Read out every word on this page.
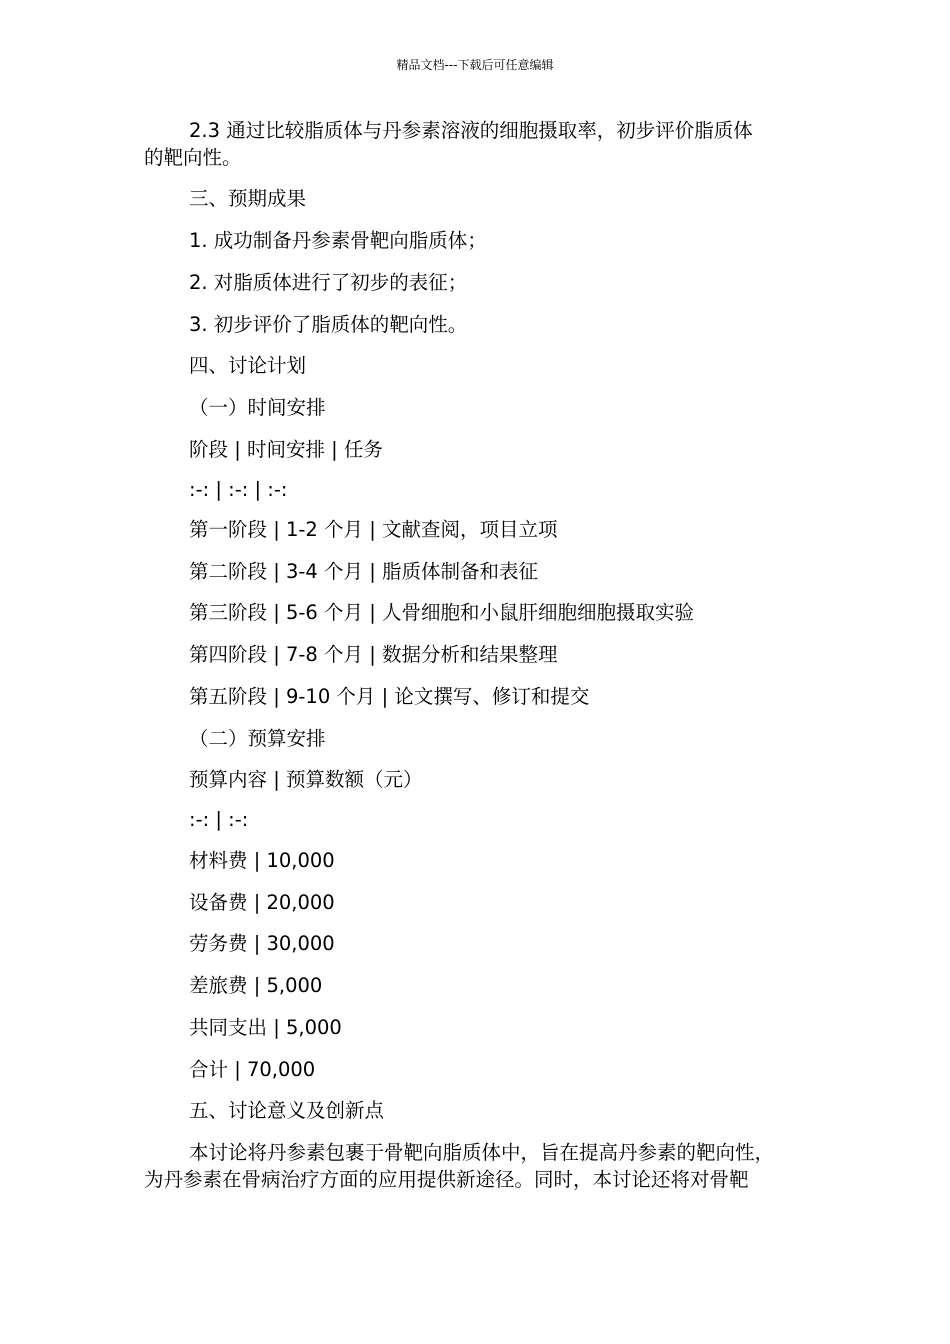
精品文档---下载后可任意编辑
2.3 通过比较脂质体与丹参素溶液的细胞摄取率，初步评价脂质体
的靶向性。
三、预期成果
1. 成功制备丹参素骨靶向脂质体；
2. 对脂质体进行了初步的表征；
3. 初步评价了脂质体的靶向性。
四、讨论计划
（一）时间安排
阶段 | 时间安排 | 任务
:-: | :-: | :-:
第一阶段 | 1-2 个月 | 文献查阅，项目立项
第二阶段 | 3-4 个月 | 脂质体制备和表征
第三阶段 | 5-6 个月 | 人骨细胞和小鼠肝细胞细胞摄取实验
第四阶段 | 7-8 个月 | 数据分析和结果整理
第五阶段 | 9-10 个月 | 论文撰写、修订和提交
（二）预算安排
预算内容 | 预算数额（元）
:-: | :-:
材料费 | 10,000
设备费 | 20,000
劳务费 | 30,000
差旅费 | 5,000
共同支出 | 5,000
合计 | 70,000
五、讨论意义及创新点
本讨论将丹参素包裹于骨靶向脂质体中，旨在提高丹参素的靶向性，
为丹参素在骨病治疗方面的应用提供新途径。同时，本讨论还将对骨靶
